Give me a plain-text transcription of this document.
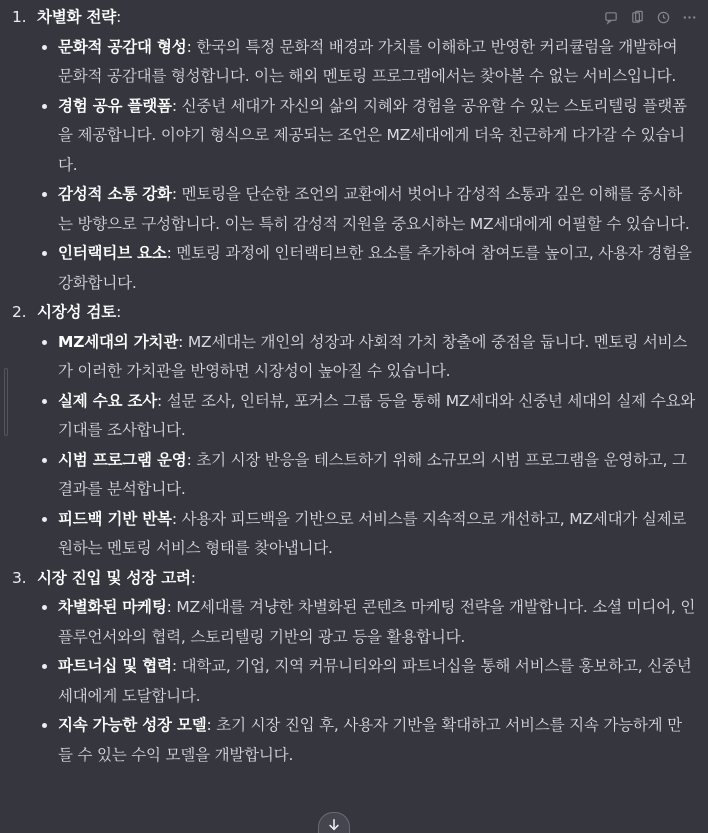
1. 차별화 전략 :
문화적 공감대 형성: 한국의 특정 문화적 배경과 가치를 이해하고 반영한 커리큘럼을 개발하여 문화적 공감대를 형성합니다. 이는 해외 멘토링 프로그램에서는 찾아볼 수 없는 서비스입니다.
경험 공유 플랫폼: 신중년 세대가 자신의 삶의 지혜와 경험을 공유할 수 있는 스토리텔링 플랫폼을 제공합니다. 이야기 형식으로 제공되는 조언은 MZ세대에게 더욱 친근하게 다가갈 수 있습니다.
감성적 소통 강화: 멘토링을 단순한 조언의 교환에서 벗어나 감성적 소통과 깊은 이해를 중시하는 방향으로 구성합니다. 이는 특히 감성적 지원을 중요시하는 MZ세대에게 어필할 수 있습니다.
인터랙티브 요소: 멘토링 과정에 인터랙티브한 요소를 추가하여 참여도를 높이고, 사용자 경험을 강화합니다.
2. 시장성 검토 :
MZ세대의 가치관: MZ세대는 개인의 성장과 사회적 가치 창출에 중점을 둡니다. 멘토링 서비스가 이러한 가치관을 반영하면 시장성이 높아질 수 있습니다.
실제 수요 조사: 설문 조사, 인터뷰, 포커스 그룹 등을 통해 MZ세대와 신중년 세대의 실제 수요와 기대를 조사합니다.
시범 프로그램 운영: 초기 시장 반응을 테스트하기 위해 소규모의 시범 프로그램을 운영하고, 그 결과를 분석합니다.
피드백 기반 반복: 사용자 피드백을 기반으로 서비스를 지속적으로 개선하고, MZ세대가 실제로 원하는 멘토링 서비스 형태를 찾아냅니다.
3. 시장 진입 및 성장 고려 :
차별화된 마케팅: MZ세대를 겨냥한 차별화된 콘텐츠 마케팅 전략을 개발합니다. 소셜 미디어, 인플루언서와의 협력, 스토리텔링 기반의 광고 등을 활용합니다.
파트너십 및 협력: 대학교, 기업, 지역 커뮤니티와의 파트너십을 통해 서비스를 홍보하고, 신중년 세대에게 도달합니다.
지속 가능한 성장 모델: 초기 시장 진입 후, 사용자 기반을 확대하고 서비스를 지속 가능하게 만들 수 있는 수익 모델을 개발합니다.
